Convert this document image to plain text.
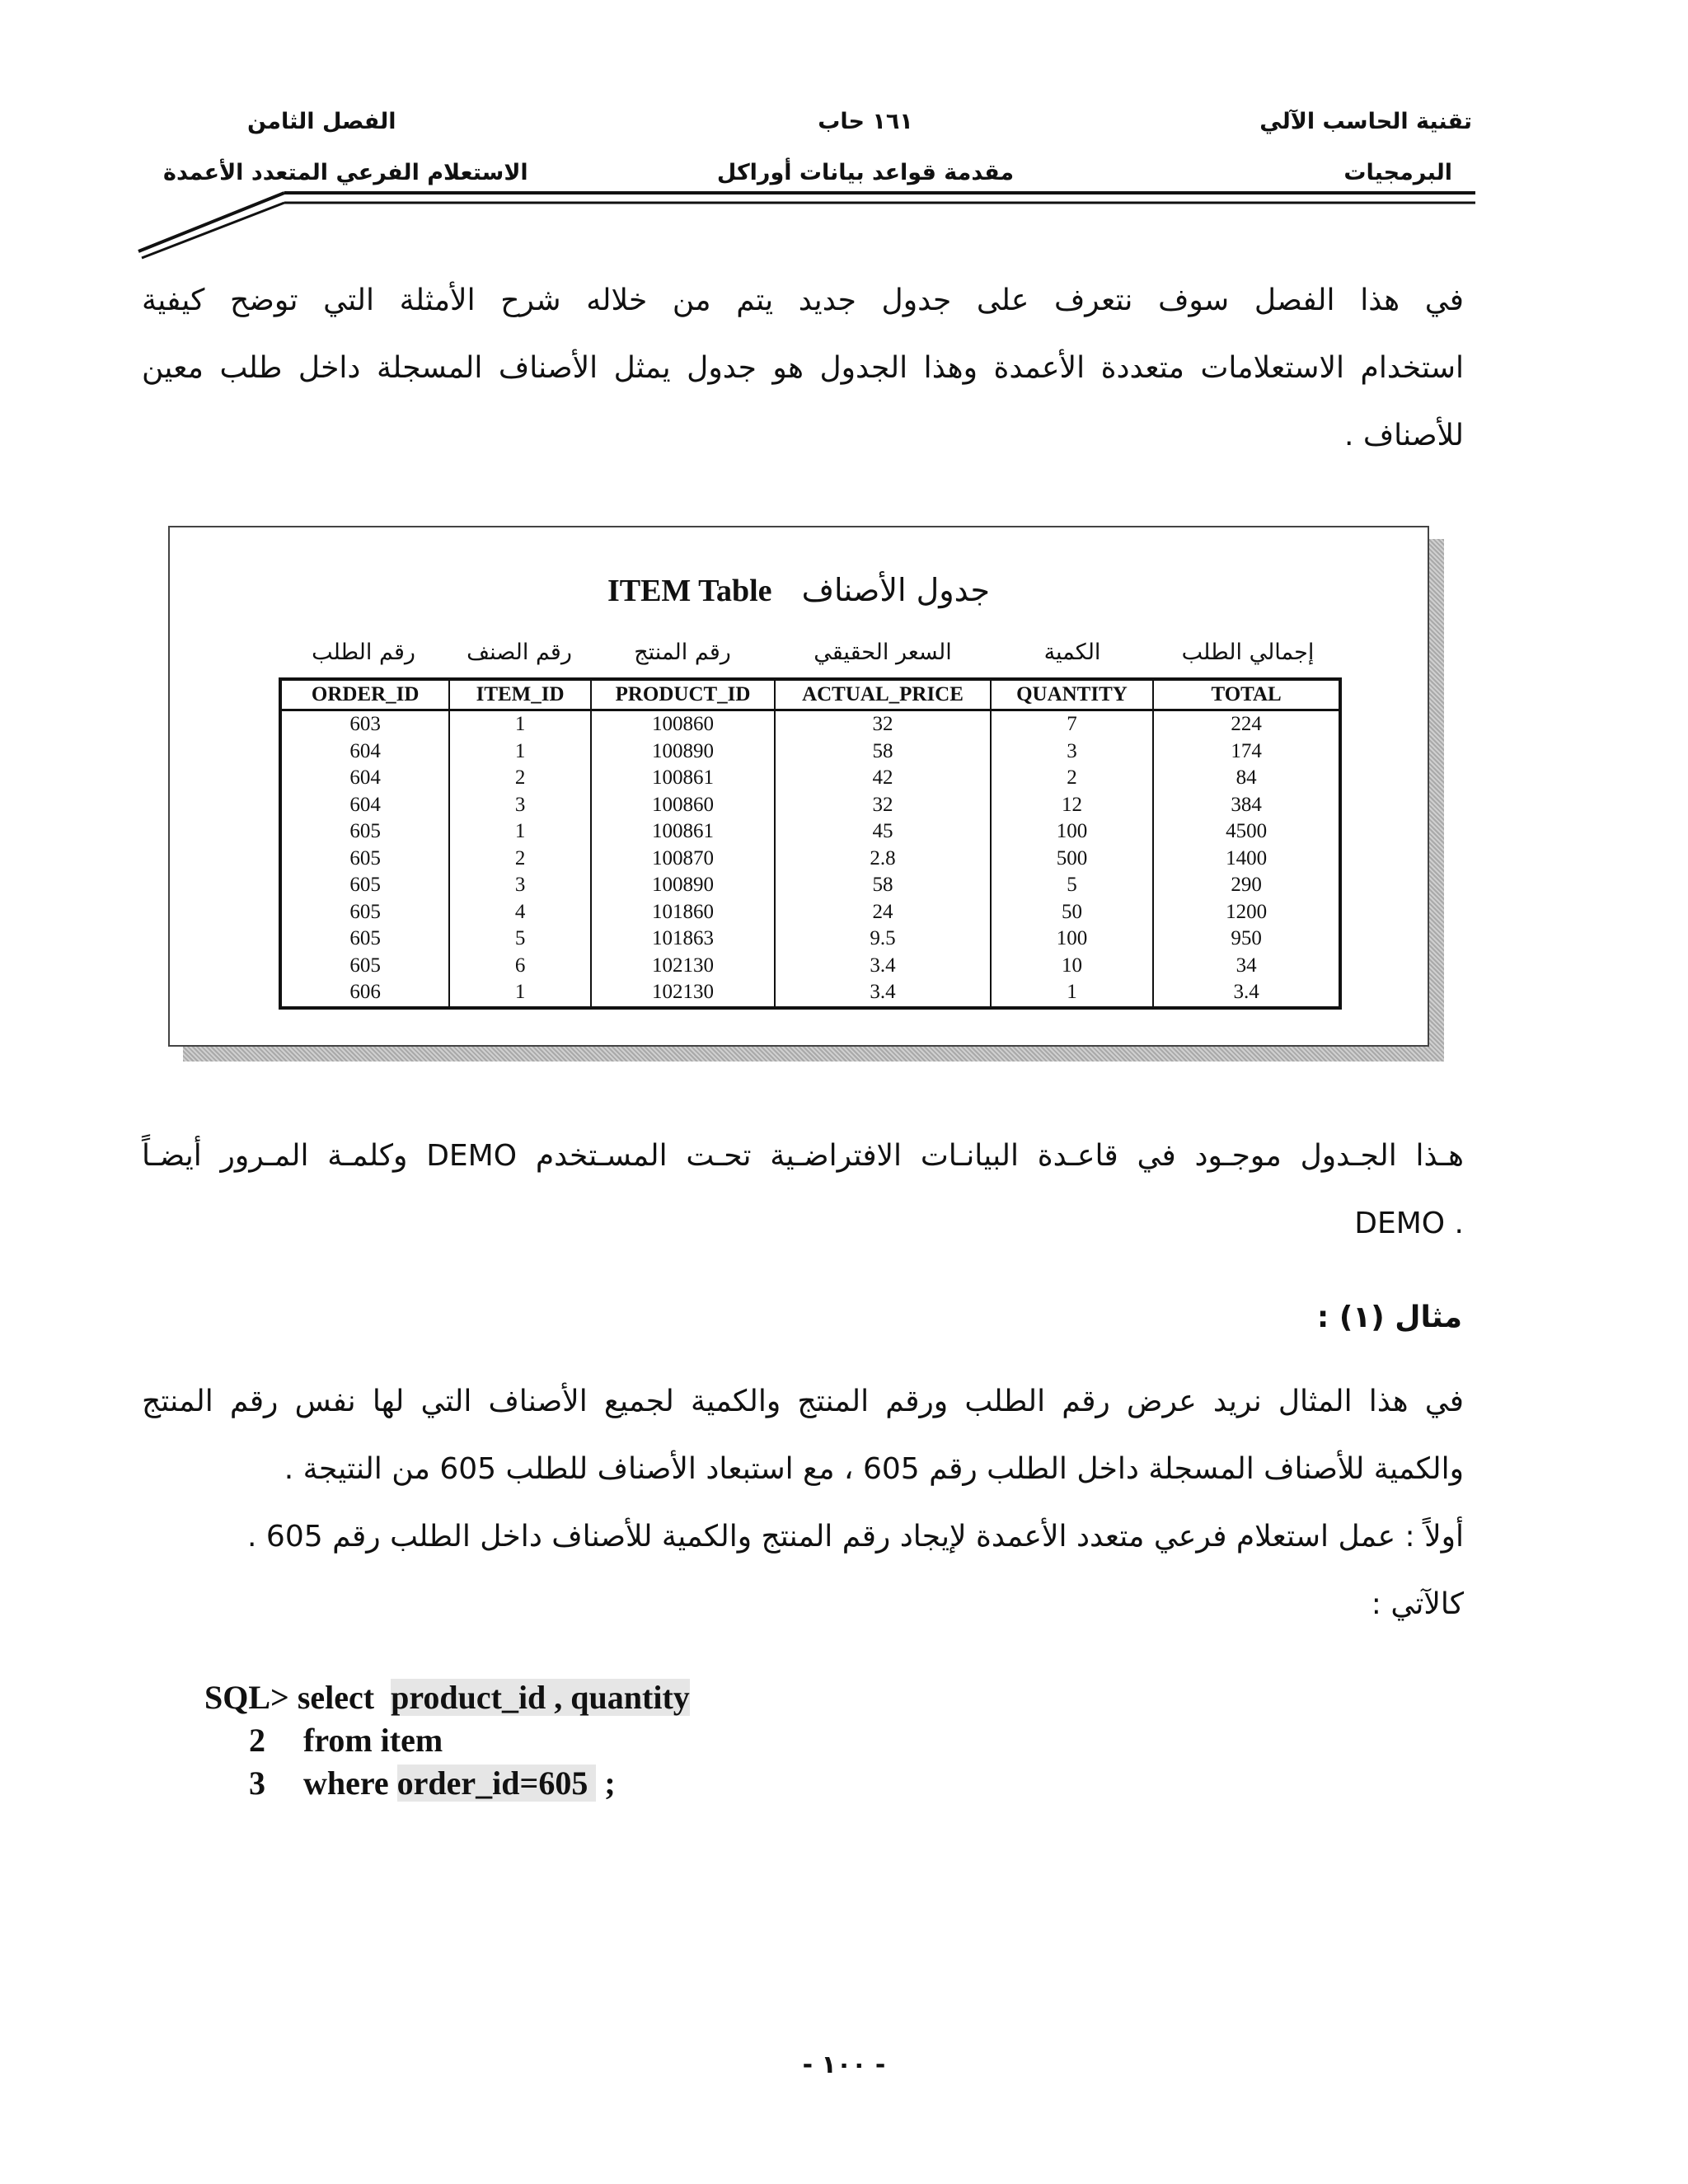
الفصل الثامن
الاستعلام الفرعي المتعدد الأعمدة
١٦١ حاب
مقدمة قواعد بيانات أوراكل
تقنية الحاسب الآلي
البرمجيات
في هذا الفصل سوف نتعرف على جدول جديد يتم من خلاله شرح الأمثلة التي توضح كيفية
استخدام الاستعلامات متعددة الأعمدة وهذا الجدول هو جدول يمثل الأصناف المسجلة داخل طلب معين
للأصناف .
ITEM Table جدول الأصناف
رقم الطلب	رقم الصنف	رقم المنتج	السعر الحقيقي	الكمية	إجمالي الطلب
ORDER_ID	ITEM_ID	PRODUCT_ID	ACTUAL_PRICE	QUANTITY	TOTAL
603	1	100860	32	7	224
604	1	100890	58	3	174
604	2	100861	42	2	84
604	3	100860	32	12	384
605	1	100861	45	100	4500
605	2	100870	2.8	500	1400
605	3	100890	58	5	290
605	4	101860	24	50	1200
605	5	101863	9.5	100	950
605	6	102130	3.4	10	34
606	1	102130	3.4	1	3.4
هـذا الجـدول موجـود في قاعـدة البيانـات الافتراضـية تحـت المسـتخدم DEMO وكلمـة المـرور أيضـاً
. DEMO
مثال (١) :
في هذا المثال نريد عرض رقم الطلب ورقم المنتج والكمية لجميع الأصناف التي لها نفس رقم المنتج
والكمية للأصناف المسجلة داخل الطلب رقم 605 ، مع استبعاد الأصناف للطلب 605 من النتيجة .
أولاً : عمل استعلام فرعي متعدد الأعمدة لإيجاد رقم المنتج والكمية للأصناف داخل الطلب رقم 605 .
كالآتي :
SQL> select  product_id , quantity
2 from item
3 where order_id=605  ;
- ١٠٠ -
